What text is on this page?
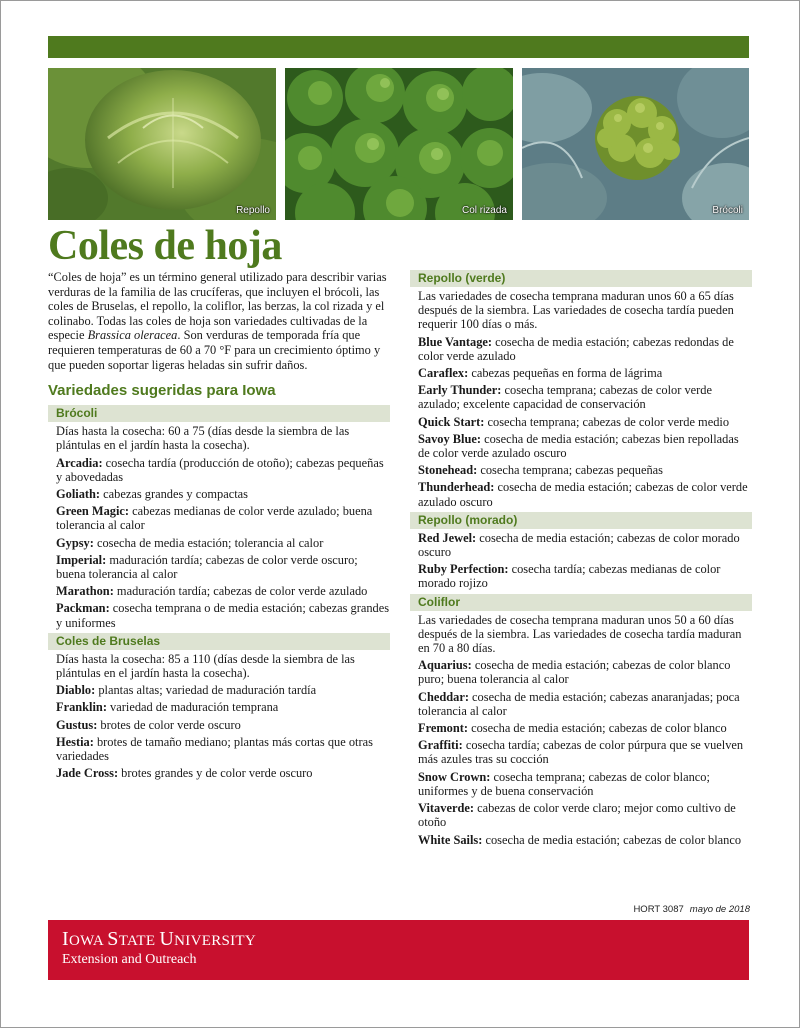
Repollo	Col rizada	Brócoli
Coles de hoja

“Coles de hoja” es un término general utilizado para describir varias verduras de la familia de las crucíferas, que incluyen el brócoli, las coles de Bruselas, el repollo, la coliflor, las berzas, la col rizada y el colinabo. Todas las coles de hoja son variedades cultivadas de la especie Brassica oleracea. Son verduras de temporada fría que requieren temperaturas de 60 a 70 °F para un crecimiento óptimo y que pueden soportar ligeras heladas sin sufrir daños.

Variedades sugeridas para Iowa
Brócoli
Días hasta la cosecha: 60 a 75 (días desde la siembra de las plántulas en el jardín hasta la cosecha).
Arcadia: cosecha tardía (producción de otoño); cabezas pequeñas y abovedadas
Goliath: cabezas grandes y compactas
Green Magic: cabezas medianas de color verde azulado; buena tolerancia al calor
Gypsy: cosecha de media estación; tolerancia al calor
Imperial: maduración tardía; cabezas de color verde oscuro; buena tolerancia al calor
Marathon: maduración tardía; cabezas de color verde azulado
Packman: cosecha temprana o de media estación; cabezas grandes y uniformes
Coles de Bruselas
Días hasta la cosecha: 85 a 110 (días desde la siembra de las plántulas en el jardín hasta la cosecha).
Diablo: plantas altas; variedad de maduración tardía
Franklin: variedad de maduración temprana
Gustus: brotes de color verde oscuro
Hestia: brotes de tamaño mediano; plantas más cortas que otras variedades
Jade Cross: brotes grandes y de color verde oscuro
Repollo (verde)
Las variedades de cosecha temprana maduran unos 60 a 65 días después de la siembra. Las variedades de cosecha tardía pueden requerir 100 días o más.
Blue Vantage: cosecha de media estación; cabezas redondas de color verde azulado
Caraflex: cabezas pequeñas en forma de lágrima
Early Thunder: cosecha temprana; cabezas de color verde azulado; excelente capacidad de conservación
Quick Start: cosecha temprana; cabezas de color verde medio
Savoy Blue: cosecha de media estación; cabezas bien repolladas de color verde azulado oscuro
Stonehead: cosecha temprana; cabezas pequeñas
Thunderhead: cosecha de media estación; cabezas de color verde azulado oscuro
Repollo (morado)
Red Jewel: cosecha de media estación; cabezas de color morado oscuro
Ruby Perfection: cosecha tardía; cabezas medianas de color morado rojizo
Coliflor
Las variedades de cosecha temprana maduran unos 50 a 60 días después de la siembra. Las variedades de cosecha tardía maduran en 70 a 80 días.
Aquarius: cosecha de media estación; cabezas de color blanco puro; buena tolerancia al calor
Cheddar: cosecha de media estación; cabezas anaranjadas; poca tolerancia al calor
Fremont: cosecha de media estación; cabezas de color blanco
Graffiti: cosecha tardía; cabezas de color púrpura que se vuelven más azules tras su cocción
Snow Crown: cosecha temprana; cabezas de color blanco; uniformes y de buena conservación
Vitaverde: cabezas de color verde claro; mejor como cultivo de otoño
White Sails: cosecha de media estación; cabezas de color blanco
HORT 3087 mayo de 2018
IOWA STATE UNIVERSITY
Extension and Outreach
